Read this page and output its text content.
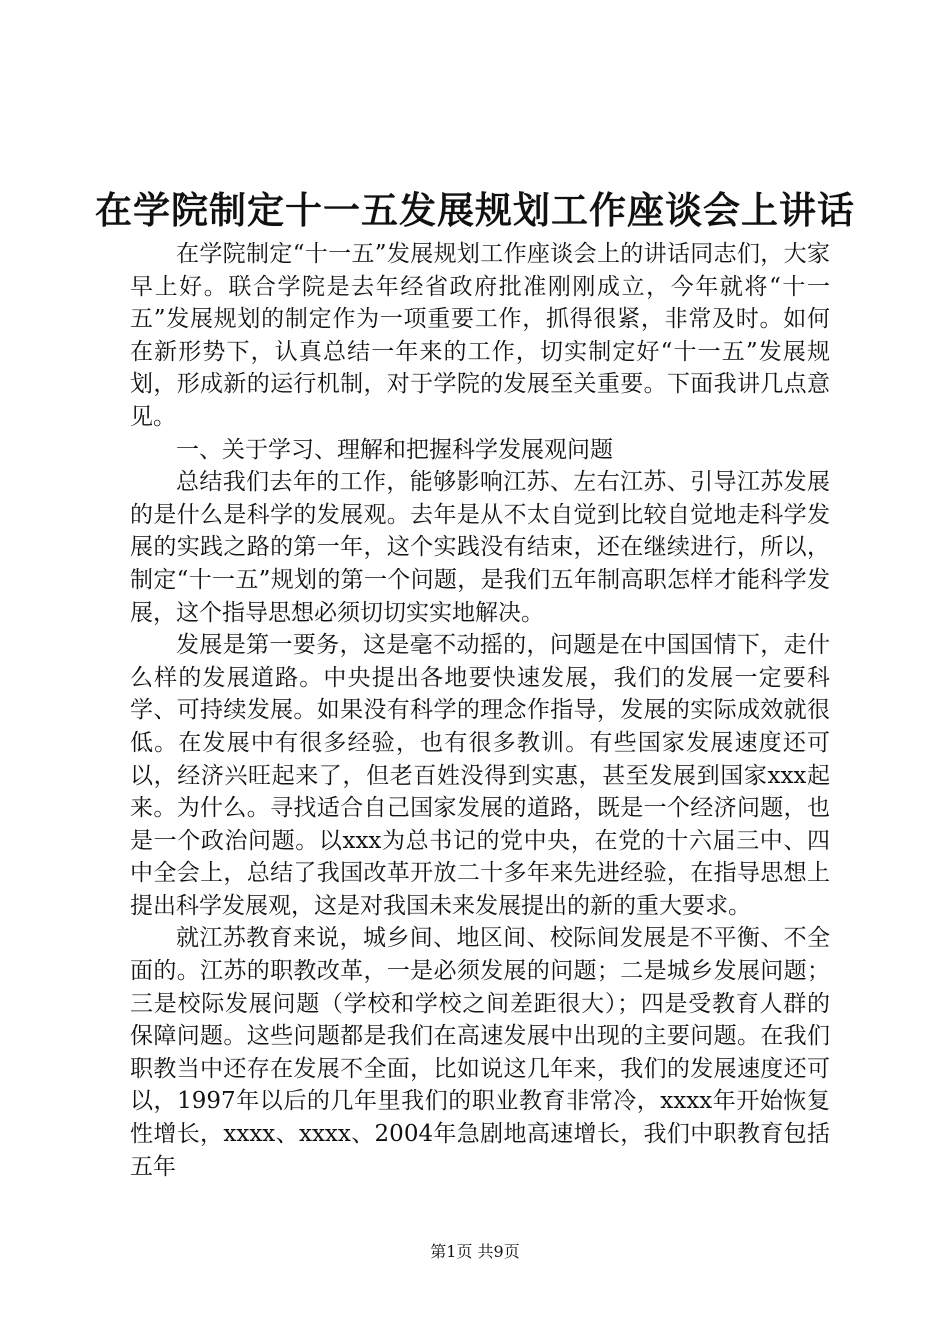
在学院制定十一五发展规划工作座谈会上讲话

在学院制定“十一五”发展规划工作座谈会上的讲话同志们，大家早上好。联合学院是去年经省政府批准刚刚成立，今年就将“十一五”发展规划的制定作为一项重要工作，抓得很紧，非常及时。如何在新形势下，认真总结一年来的工作，切实制定好“十一五”发展规划，形成新的运行机制，对于学院的发展至关重要。下面我讲几点意见。

一、关于学习、理解和把握科学发展观问题

总结我们去年的工作，能够影响江苏、左右江苏、引导江苏发展的是什么是科学的发展观。去年是从不太自觉到比较自觉地走科学发展的实践之路的第一年，这个实践没有结束，还在继续进行，所以，制定“十一五”规划的第一个问题，是我们五年制高职怎样才能科学发展，这个指导思想必须切切实实地解决。

发展是第一要务，这是毫不动摇的，问题是在中国国情下，走什么样的发展道路。中央提出各地要快速发展，我们的发展一定要科学、可持续发展。如果没有科学的理念作指导，发展的实际成效就很低。在发展中有很多经验，也有很多教训。有些国家发展速度还可以，经济兴旺起来了，但老百姓没得到实惠，甚至发展到国家xxx起来。为什么。寻找适合自己国家发展的道路，既是一个经济问题，也是一个政治问题。以xxx为总书记的党中央，在党的十六届三中、四中全会上，总结了我国改革开放二十多年来先进经验，在指导思想上提出科学发展观，这是对我国未来发展提出的新的重大要求。

就江苏教育来说，城乡间、地区间、校际间发展是不平衡、不全面的。江苏的职教改革，一是必须发展的问题；二是城乡发展问题；三是校际发展问题（学校和学校之间差距很大）；四是受教育人群的保障问题。这些问题都是我们在高速发展中出现的主要问题。在我们职教当中还存在发展不全面，比如说这几年来，我们的发展速度还可以，1997年以后的几年里我们的职业教育非常冷，xxxx年开始恢复性增长，xxxx、xxxx、2004年急剧地高速增长，我们中职教育包括五年

第1页 共9页
